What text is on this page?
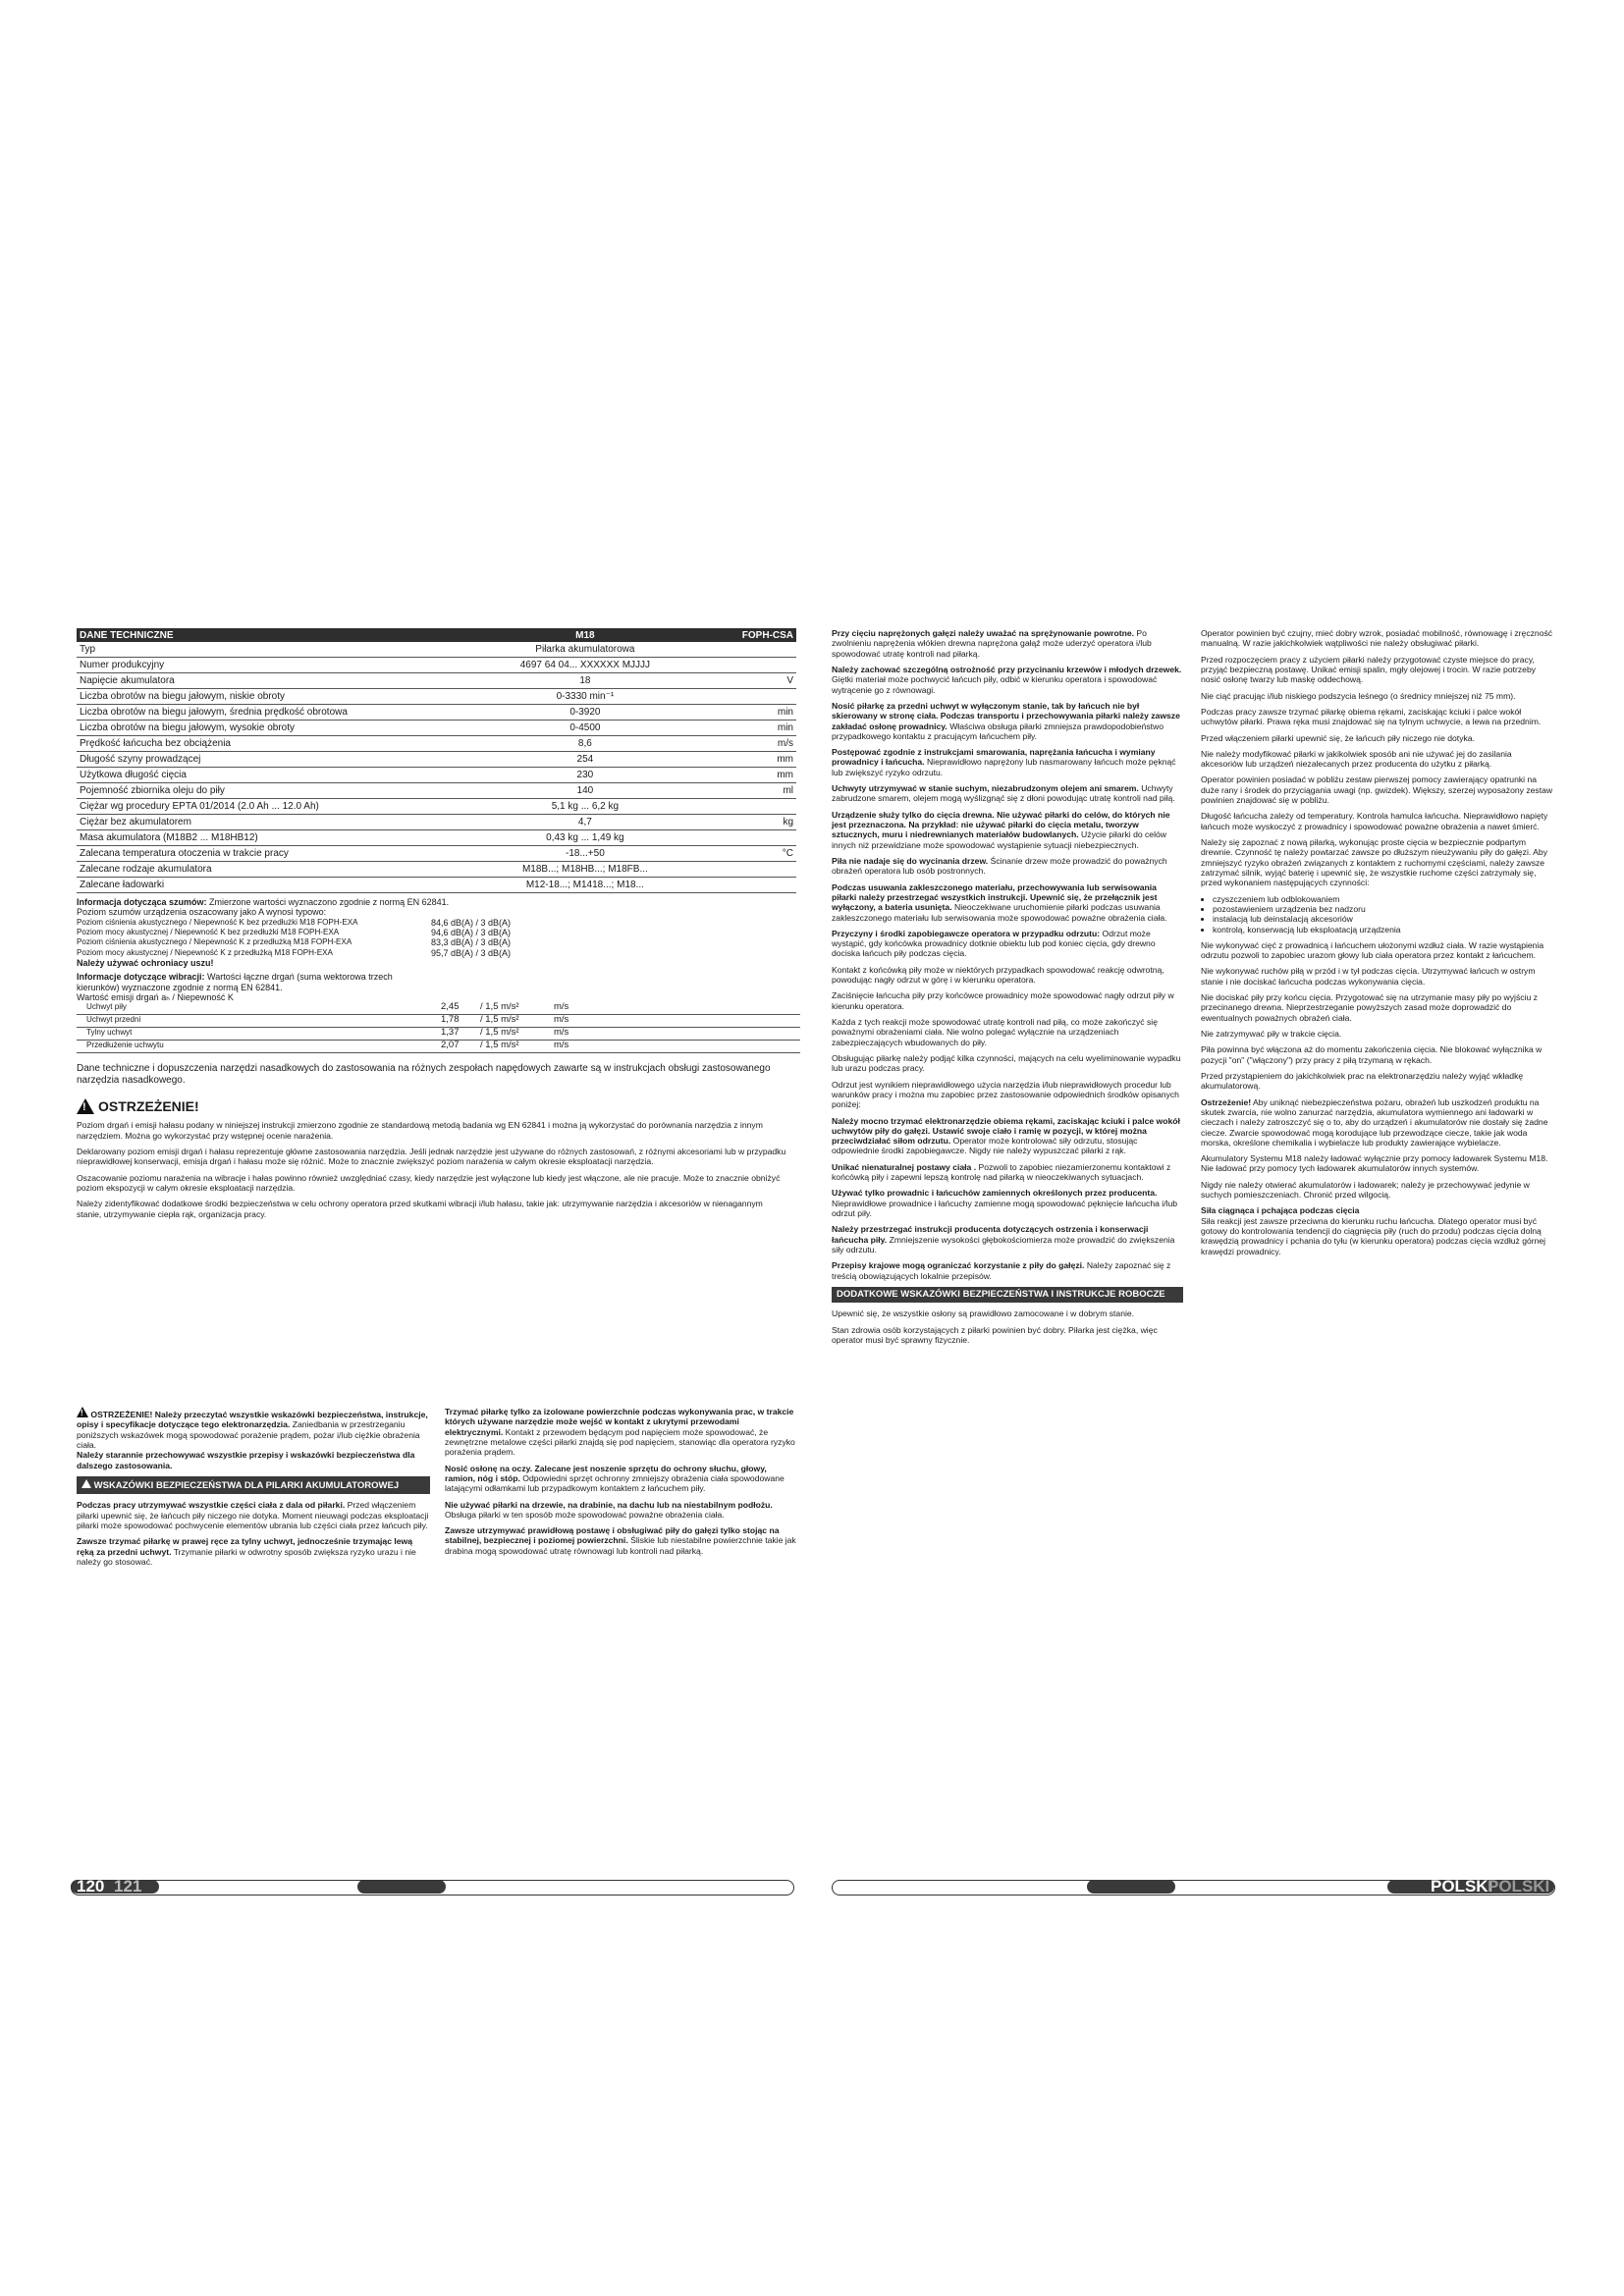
DANE TECHNICZNE	M18	FOPH-CSA
Typ	Piłarka akumulatorowa	
Numer produkcyjny	4697 64 04... XXXXXX MJJJJ	
Napięcie akumulatora	18	V
Liczba obrotów na biegu jałowym, niskie obroty	0-3330 min⁻¹	
Liczba obrotów na biegu jałowym, średnia prędkość obrotowa	0-3920	min
Liczba obrotów na biegu jałowym, wysokie obroty	0-4500	min
Prędkość łańcucha bez obciążenia	8,6	m/s
Długość szyny prowadzącej	254	mm
Użytkowa długość cięcia	230	mm
Pojemność zbiornika oleju do piły	140	ml
Ciężar wg procedury EPTA 01/2014 (2.0 Ah ... 12.0 Ah)	5,1 kg ... 6,2 kg	
Ciężar bez akumulatorem	4,7	kg
Masa akumulatora (M18B2 ... M18HB12)	0,43 kg ... 1,49 kg	
Zalecana temperatura otoczenia w trakcie pracy	-18...+50	°C
Zalecane rodzaje akumulatora	M18B...; M18HB...; M18FB...	
Zalecane ładowarki	M12-18...; M1418...; M18...	
Informacja dotycząca szumów: Zmierzone wartości wyznaczono zgodnie z normą EN 62841.
Poziom szumów urządzenia oszacowany jako A wynosi typowo:
Poziom ciśnienia akustycznego / Niepewność K bez przedłużki M18 FOPH-EXA	84,6 dB(A) / 3 dB(A)
Poziom mocy akustycznej / Niepewność K bez przedłużki M18 FOPH-EXA	94,6 dB(A) / 3 dB(A)
Poziom ciśnienia akustycznego / Niepewność K z przedłużką M18 FOPH-EXA	83,3 dB(A) / 3 dB(A)
Poziom mocy akustycznej / Niepewność K z przedłużką M18 FOPH-EXA	95,7 dB(A) / 3 dB(A)
Należy używać ochroniacy uszu!
Informacje dotyczące wibracji: Wartości łączne drgań (suma wektorowa trzech kierunków) wyznaczone zgodnie z normą EN 62841.
Wartość emisji drgań aₕ / Niepewność K
Uchwyt piły	2,45	/ 1,5 m/s²	m/s
Uchwyt przedni	1,78	/ 1,5 m/s²	m/s
Tylny uchwyt	1,37	/ 1,5 m/s²	m/s
Przedłużenie uchwytu	2,07	/ 1,5 m/s²	m/s
Dane techniczne i dopuszczenia narzędzi nasadkowych do zastosowania na różnych zespołach napędowych zawarte są w instrukcjach obsługi zastosowanego narzędzia nasadkowego.
! OSTRZEŻENIE!

Poziom drgań i emisji hałasu podany w niniejszej instrukcji zmierzono zgodnie ze standardową metodą badania wg EN 62841 i można ją wykorzystać do porównania narzędzia z innym narzędziem. Można go wykorzystać przy wstępnej ocenie narażenia.

Deklarowany poziom emisji drgań i hałasu reprezentuje główne zastosowania narzędzia. Jeśli jednak narzędzie jest używane do różnych zastosowań, z różnymi akcesoriami lub w przypadku nieprawidłowej konserwacji, emisja drgań i hałasu może się różnić. Może to znacznie zwiększyć poziom narażenia w całym okresie eksploatacji narzędzia.

Oszacowanie poziomu narażenia na wibracje i hałas powinno również uwzględniać czasy, kiedy narzędzie jest wyłączone lub kiedy jest włączone, ale nie pracuje. Może to znacznie obniżyć poziom ekspozycji w całym okresie eksploatacji narzędzia.

Należy zidentyfikować dodatkowe środki bezpieczeństwa w celu ochrony operatora przed skutkami wibracji i/lub hałasu, takie jak: utrzymywanie narzędzia i akcesoriów w nienagannym stanie, utrzymywanie ciepła rąk, organizacja pracy.

! OSTRZEŻENIE! Należy przeczytać wszystkie wskazówki bezpieczeństwa, instrukcje, opisy i specyfikacje dotyczące tego elektronarzędzia. Zaniedbania w przestrzeganiu poniższych wskazówek mogą spowodować porażenie prądem, pożar i/lub ciężkie obrażenia ciała.
Należy starannie przechowywać wszystkie przepisy i wskazówki bezpieczeństwa dla dalszego zastosowania.

WSKAZÓWKI BEZPIECZEŃSTWA DLA PILARKI AKUMULATOROWEJ

Podczas pracy utrzymywać wszystkie części ciała z dala od piłarki. Przed włączeniem piłarki upewnić się, że łańcuch piły niczego nie dotyka. Moment nieuwagi podczas eksploatacji piłarki może spowodować pochwycenie elementów ubrania lub części ciała przez łańcuch piły.

Zawsze trzymać piłarkę w prawej ręce za tylny uchwyt, jednocześnie trzymając lewą ręką za przedni uchwyt. Trzymanie piłarki w odwrotny sposób zwiększa ryzyko urazu i nie należy go stosować.

Trzymać piłarkę tylko za izolowane powierzchnie podczas wykonywania prac, w trakcie których używane narzędzie może wejść w kontakt z ukrytymi przewodami elektrycznymi. Kontakt z przewodem będącym pod napięciem może spowodować, że zewnętrzne metalowe części piłarki znajdą się pod napięciem, stanowiąc dla operatora ryzyko porażenia prądem.

Nosić osłonę na oczy. Zalecane jest noszenie sprzętu do ochrony słuchu, głowy, ramion, nóg i stóp. Odpowiedni sprzęt ochronny zmniejszy obrażenia ciała spowodowane latającymi odłamkami lub przypadkowym kontaktem z łańcuchem piły.

Nie używać piłarki na drzewie, na drabinie, na dachu lub na niestabilnym podłożu. Obsługa piłarki w ten sposób może spowodować poważne obrażenia ciała.

Zawsze utrzymywać prawidłową postawę i obsługiwać piły do gałęzi tylko stojąc na stabilnej, bezpiecznej i poziomej powierzchni. Śliskie lub niestabilne powierzchnie takie jak drabina mogą spowodować utratę równowagi lub kontroli nad piłarką.

120 121

Przy cięciu naprężonych gałęzi należy uważać na sprężynowanie powrotne. Po zwolnieniu naprężenia włókien drewna naprężona gałąź może uderzyć operatora i/lub spowodować utratę kontroli nad piłarką.

Należy zachować szczególną ostrożność przy przycinaniu krzewów i młodych drzewek. Giętki materiał może pochwycić łańcuch piły, odbić w kierunku operatora i spowodować wytrącenie go z równowagi.

Nosić piłarkę za przedni uchwyt w wyłączonym stanie, tak by łańcuch nie był skierowany w stronę ciała. Podczas transportu i przechowywania piłarki należy zawsze zakładać osłonę prowadnicy. Właściwa obsługa piłarki zmniejsza prawdopodobieństwo przypadkowego kontaktu z pracującym łańcuchem piły.

Postępować zgodnie z instrukcjami smarowania, naprężania łańcucha i wymiany prowadnicy i łańcucha. Nieprawidłowo naprężony lub nasmarowany łańcuch może pęknąć lub zwiększyć ryzyko odrzutu.

Uchwyty utrzymywać w stanie suchym, niezabrudzonym olejem ani smarem. Uchwyty zabrudzone smarem, olejem mogą wyślizgnąć się z dłoni powodując utratę kontroli nad piłą.

Urządzenie służy tylko do cięcia drewna. Nie używać piłarki do celów, do których nie jest przeznaczona. Na przykład: nie używać piłarki do cięcia metalu, tworzyw sztucznych, muru i niedrewnianych materiałów budowlanych. Użycie piłarki do celów innych niż przewidziane może spowodować wystąpienie sytuacji niebezpiecznych.

Piła nie nadaje się do wycinania drzew. Ścinanie drzew może prowadzić do poważnych obrażeń operatora lub osób postronnych.

Podczas usuwania zakleszczonego materiału, przechowywania lub serwisowania piłarki należy przestrzegać wszystkich instrukcji. Upewnić się, że przełącznik jest wyłączony, a bateria usunięta. Nieoczekiwane uruchomienie piłarki podczas usuwania zakleszczonego materiału lub serwisowania może spowodować poważne obrażenia ciała.

Przyczyny i środki zapobiegawcze operatora w przypadku odrzutu: Odrzut może wystąpić, gdy końcówka prowadnicy dotknie obiektu lub pod koniec cięcia, gdy drewno dociska łańcuch piły podczas cięcia.

Kontakt z końcówką piły może w niektórych przypadkach spowodować reakcję odwrotną, powodując nagły odrzut w górę i w kierunku operatora.

Zaciśnięcie łańcucha piły przy końcówce prowadnicy może spowodować nagły odrzut piły w kierunku operatora.

Każda z tych reakcji może spowodować utratę kontroli nad piłą, co może zakończyć się poważnymi obrażeniami ciała. Nie wolno polegać wyłącznie na urządzeniach zabezpieczających wbudowanych do piły.

Obsługując piłarkę należy podjąć kilka czynności, mających na celu wyeliminowanie wypadku lub urazu podczas pracy.

Odrzut jest wynikiem nieprawidłowego użycia narzędzia i/lub nieprawidłowych procedur lub warunków pracy i można mu zapobiec przez zastosowanie odpowiednich środków opisanych poniżej:

Należy mocno trzymać elektronarzędzie obiema rękami, zaciskając kciuki i palce wokół uchwytów piły do gałęzi. Ustawić swoje ciało i ramię w pozycji, w której można przeciwdziałać siłom odrzutu. Operator może kontrolować siły odrzutu, stosując odpowiednie środki zapobiegawcze. Nigdy nie należy wypuszczać piłarki z rąk.

Unikać nienaturalnej postawy ciała . Pozwoli to zapobiec niezamierzonemu kontaktowi z końcówką piły i zapewni lepszą kontrolę nad piłarką w nieoczekiwanych sytuacjach.

Używać tylko prowadnic i łańcuchów zamiennych określonych przez producenta. Nieprawidłowe prowadnice i łańcuchy zamienne mogą spowodować pęknięcie łańcucha i/lub odrzut piły.

Należy przestrzegać instrukcji producenta dotyczących ostrzenia i konserwacji łańcucha piły. Zmniejszenie wysokości głębokościomierza może prowadzić do zwiększenia siły odrzutu.

Przepisy krajowe mogą ograniczać korzystanie z piły do gałęzi. Należy zapoznać się z treścią obowiązujących lokalnie przepisów.

DODATKOWE WSKAZÓWKI BEZPIECZEŃSTWA I INSTRUKCJE ROBOCZE

Upewnić się, że wszystkie osłony są prawidłowo zamocowane i w dobrym stanie.

Stan zdrowia osób korzystających z piłarki powinien być dobry. Piłarka jest ciężka, więc operator musi być sprawny fizycznie.

Operator powinien być czujny, mieć dobry wzrok, posiadać mobilność, równowagę i zręczność manualną. W razie jakichkolwiek wątpliwości nie należy obsługiwać piłarki.

Przed rozpoczęciem pracy z użyciem piłarki należy przygotować czyste miejsce do pracy, przyjąć bezpieczną postawę. Unikać emisji spalin, mgły olejowej i trocin. W razie potrzeby nosić osłonę twarzy lub maskę oddechową.

Nie ciąć pracując i/lub niskiego podszycia leśnego (o średnicy mniejszej niż 75 mm).

Podczas pracy zawsze trzymać piłarkę obiema rękami, zaciskając kciuki i palce wokół uchwytów piłarki. Prawa ręka musi znajdować się na tylnym uchwycie, a lewa na przednim.

Przed włączeniem piłarki upewnić się, że łańcuch piły niczego nie dotyka.

Nie należy modyfikować piłarki w jakikolwiek sposób ani nie używać jej do zasilania akcesoriów lub urządzeń niezalecanych przez producenta do użytku z piłarką.

Operator powinien posiadać w pobliżu zestaw pierwszej pomocy zawierający opatrunki na duże rany i środek do przyciągania uwagi (np. gwizdek). Większy, szerzej wyposażony zestaw powinien znajdować się w pobliżu.

Długość łańcucha zależy od temperatury. Kontrola hamulca łańcucha. Nieprawidłowo napięty łańcuch może wyskoczyć z prowadnicy i spowodować poważne obrażenia a nawet śmierć.

Należy się zapoznać z nową piłarką, wykonując proste cięcia w bezpiecznie podpartym drewnie. Czynność tę należy powtarzać zawsze po dłuższym nieużywaniu piły do gałęzi. Aby zmniejszyć ryzyko obrażeń związanych z kontaktem z ruchomymi częściami, należy zawsze zatrzymać silnik, wyjąć baterię i upewnić się, że wszystkie ruchome części zatrzymały się, przed wykonaniem następujących czynności:

• czyszczeniem lub odblokowaniem
• pozostawieniem urządzenia bez nadzoru
• instalacją lub deinstalacją akcesoriów
• kontrolą, konserwacją lub eksploatacją urządzenia

Nie wykonywać cięć z prowadnicą i łańcuchem ułożonymi wzdłuż ciała. W razie wystąpienia odrzutu pozwoli to zapobiec urazom głowy lub ciała operatora przez kontakt z łańcuchem.

Nie wykonywać ruchów piłą w przód i w tył podczas cięcia. Utrzymywać łańcuch w ostrym stanie i nie dociskać łańcucha podczas wykonywania cięcia.

Nie dociskać piły przy końcu cięcia. Przygotować się na utrzymanie masy piły po wyjściu z przecinanego drewna. Nieprzestrzeganie powyższych zasad może doprowadzić do ewentualnych poważnych obrażeń ciała.

Nie zatrzymywać piły w trakcie cięcia.

Piła powinna być włączona aż do momentu zakończenia cięcia. Nie blokować wyłącznika w pozycji "on" ("włączony") przy pracy z piłą trzymaną w rękach.

Przed przystąpieniem do jakichkolwiek prac na elektronarzędziu należy wyjąć wkładkę akumulatorową.

Ostrzeżenie! Aby uniknąć niebezpieczeństwa pożaru, obrażeń lub uszkodzeń produktu na skutek zwarcia, nie wolno zanurzać narzędzia, akumulatora wymiennego ani ładowarki w cieczach i należy zatroszczyć się o to, aby do urządzeń i akumulatorów nie dostały się żadne ciecze. Zwarcie spowodować mogą korodujące lub przewodzące ciecze, takie jak woda morska, określone chemikalia i wybielacze lub produkty zawierające wybielacze.

Akumulatory Systemu M18 należy ładować wyłącznie przy pomocy ładowarek Systemu M18. Nie ładować przy pomocy tych ładowarek akumulatorów innych systemów.

Nigdy nie należy otwierać akumulatorów i ładowarek; należy je przechowywać jedynie w suchych pomieszczeniach. Chronić przed wilgocią.

Siła ciągnąca i pchająca podczas cięcia
Siła reakcji jest zawsze przeciwna do kierunku ruchu łańcucha. Dlatego operator musi być gotowy do kontrolowania tendencji do ciągnięcia piły (ruch do przodu) podczas cięcia dolną krawędzią prowadnicy i pchania do tyłu (w kierunku operatora) podczas cięcia wzdłuż górnej krawędzi prowadnicy.

POLSKI
POLSKI
